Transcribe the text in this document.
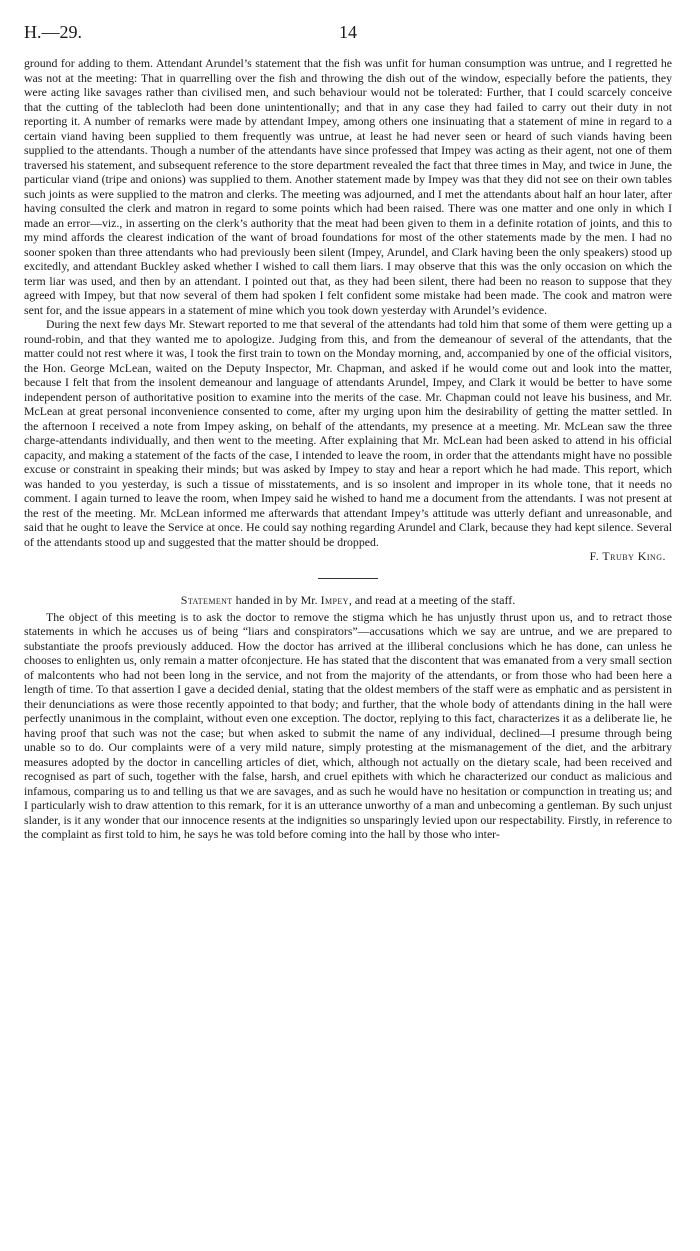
H.—29.	14

ground for adding to them. Attendant Arundel’s statement that the fish was unfit for human consumption was untrue, and I regretted he was not at the meeting: That in quarrelling over the fish and throwing the dish out of the window, especially before the patients, they were acting like savages rather than civilised men, and such behaviour would not be tolerated: Further, that I could scarcely conceive that the cutting of the tablecloth had been done unintentionally; and that in any case they had failed to carry out their duty in not reporting it. A number of remarks were made by attendant Impey, among others one insinuating that a statement of mine in regard to a certain viand having been supplied to them frequently was untrue, at least he had never seen or heard of such viands having been supplied to the attendants. Though a number of the attendants have since professed that Impey was acting as their agent, not one of them traversed his statement, and subsequent reference to the store department revealed the fact that three times in May, and twice in June, the particular viand (tripe and onions) was supplied to them. Another statement made by Impey was that they did not see on their own tables such joints as were supplied to the matron and clerks. The meeting was adjourned, and I met the attendants about half an hour later, after having consulted the clerk and matron in regard to some points which had been raised. There was one matter and one only in which I made an error—viz., in asserting on the clerk’s authority that the meat had been given to them in a definite rotation of joints, and this to my mind affords the clearest indication of the want of broad foundations for most of the other statements made by the men. I had no sooner spoken than three attendants who had previously been silent (Impey, Arundel, and Clark having been the only speakers) stood up excitedly, and attendant Buckley asked whether I wished to call them liars. I may observe that this was the only occasion on which the term liar was used, and then by an attendant. I pointed out that, as they had been silent, there had been no reason to suppose that they agreed with Impey, but that now several of them had spoken I felt confident some mistake had been made. The cook and matron were sent for, and the issue appears in a statement of mine which you took down yesterday with Arundel’s evidence.

During the next few days Mr. Stewart reported to me that several of the attendants had told him that some of them were getting up a round-robin, and that they wanted me to apologize. Judging from this, and from the demeanour of several of the attendants, that the matter could not rest where it was, I took the first train to town on the Monday morning, and, accompanied by one of the official visitors, the Hon. George McLean, waited on the Deputy Inspector, Mr. Chapman, and asked if he would come out and look into the matter, because I felt that from the insolent demeanour and language of attendants Arundel, Impey, and Clark it would be better to have some independent person of authoritative position to examine into the merits of the case. Mr. Chapman could not leave his business, and Mr. McLean at great personal inconvenience consented to come, after my urging upon him the desirability of getting the matter settled. In the afternoon I received a note from Impey asking, on behalf of the attendants, my presence at a meeting. Mr. McLean saw the three charge-attendants individually, and then went to the meeting. After explaining that Mr. McLean had been asked to attend in his official capacity, and making a statement of the facts of the case, I intended to leave the room, in order that the attendants might have no possible excuse or constraint in speaking their minds; but was asked by Impey to stay and hear a report which he had made. This report, which was handed to you yesterday, is such a tissue of misstatements, and is so insolent and improper in its whole tone, that it needs no comment. I again turned to leave the room, when Impey said he wished to hand me a document from the attendants. I was not present at the rest of the meeting. Mr. McLean informed me afterwards that attendant Impey’s attitude was utterly defiant and unreasonable, and said that he ought to leave the Service at once. He could say nothing regarding Arundel and Clark, because they had kept silence. Several of the attendants stood up and suggested that the matter should be dropped.

F. Truby King.
Statement handed in by Mr. Impey, and read at a meeting of the staff.

The object of this meeting is to ask the doctor to remove the stigma which he has unjustly thrust upon us, and to retract those statements in which he accuses us of being “liars and conspirators”—accusations which we say are untrue, and we are prepared to substantiate the proofs previously adduced. How the doctor has arrived at the illiberal conclusions which he has done, can unless he chooses to enlighten us, only remain a matter ofconjecture. He has stated that the discontent that was emanated from a very small section of malcontents who had not been long in the service, and not from the majority of the attendants, or from those who had been here a length of time. To that assertion I gave a decided denial, stating that the oldest members of the staff were as emphatic and as persistent in their denunciations as were those recently appointed to that body; and further, that the whole body of attendants dining in the hall were perfectly unanimous in the complaint, without even one exception. The doctor, replying to this fact, characterizes it as a deliberate lie, he having proof that such was not the case; but when asked to submit the name of any individual, declined—I presume through being unable so to do. Our complaints were of a very mild nature, simply protesting at the mismanagement of the diet, and the arbitrary measures adopted by the doctor in cancelling articles of diet, which, although not actually on the dietary scale, had been received and recognised as part of such, together with the false, harsh, and cruel epithets with which he characterized our conduct as malicious and infamous, comparing us to and telling us that we are savages, and as such he would have no hesitation or compunction in treating us; and I particularly wish to draw attention to this remark, for it is an utterance unworthy of a man and unbecoming a gentleman. By such unjust slander, is it any wonder that our innocence resents at the indignities so unsparingly levied upon our respectability. Firstly, in reference to the complaint as first told to him, he says he was told before coming into the hall by those who inter-
